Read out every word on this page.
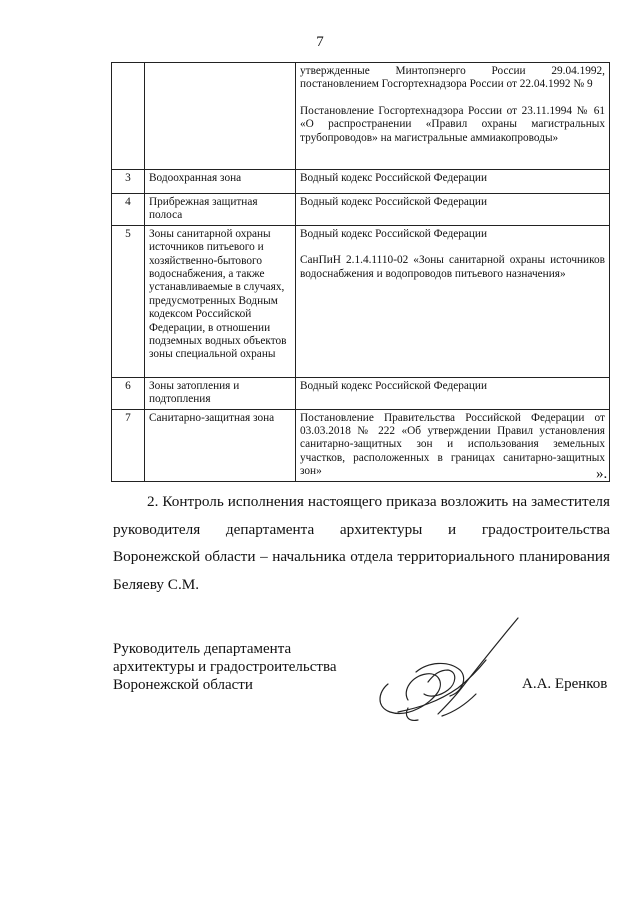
7

		утвержденные Минтопэнерго России 29.04.1992, постановлением Госгортехнадзора России от 22.04.1992 № 9

Постановление Госгортехнадзора России от 23.11.1994 № 61 «О распространении «Правил охраны магистральных трубопроводов» на магистральные аммиакопроводы»

3	Водоохранная зона	Водный кодекс Российской Федерации

4	Прибрежная защитная полоса	Водный кодекс Российской Федерации

5	Зоны санитарной охраны источников питьевого и хозяйственно-бытового водоснабжения, а также устанавливаемые в случаях, предусмотренных Водным кодексом Российской Федерации, в отношении подземных водных объектов зоны специальной охраны	Водный кодекс Российской Федерации

СанПиН 2.1.4.1110-02 «Зоны санитарной охраны источников водоснабжения и водопроводов питьевого назначения»

6	Зоны затопления и подтопления	Водный кодекс Российской Федерации

7	Санитарно-защитная зона	Постановление Правительства Российской Федерации от 03.03.2018 № 222 «Об утверждении Правил установления санитарно-защитных зон и использования земельных участков, расположенных в границах санитарно-защитных зон»	».

2. Контроль исполнения настоящего приказа возложить на заместителя руководителя департамента архитектуры и градостроительства Воронежской области – начальника отдела территориального планирования Беляеву С.М.

Руководитель департамента
архитектуры и градостроительства
Воронежской области	А.А. Еренков
